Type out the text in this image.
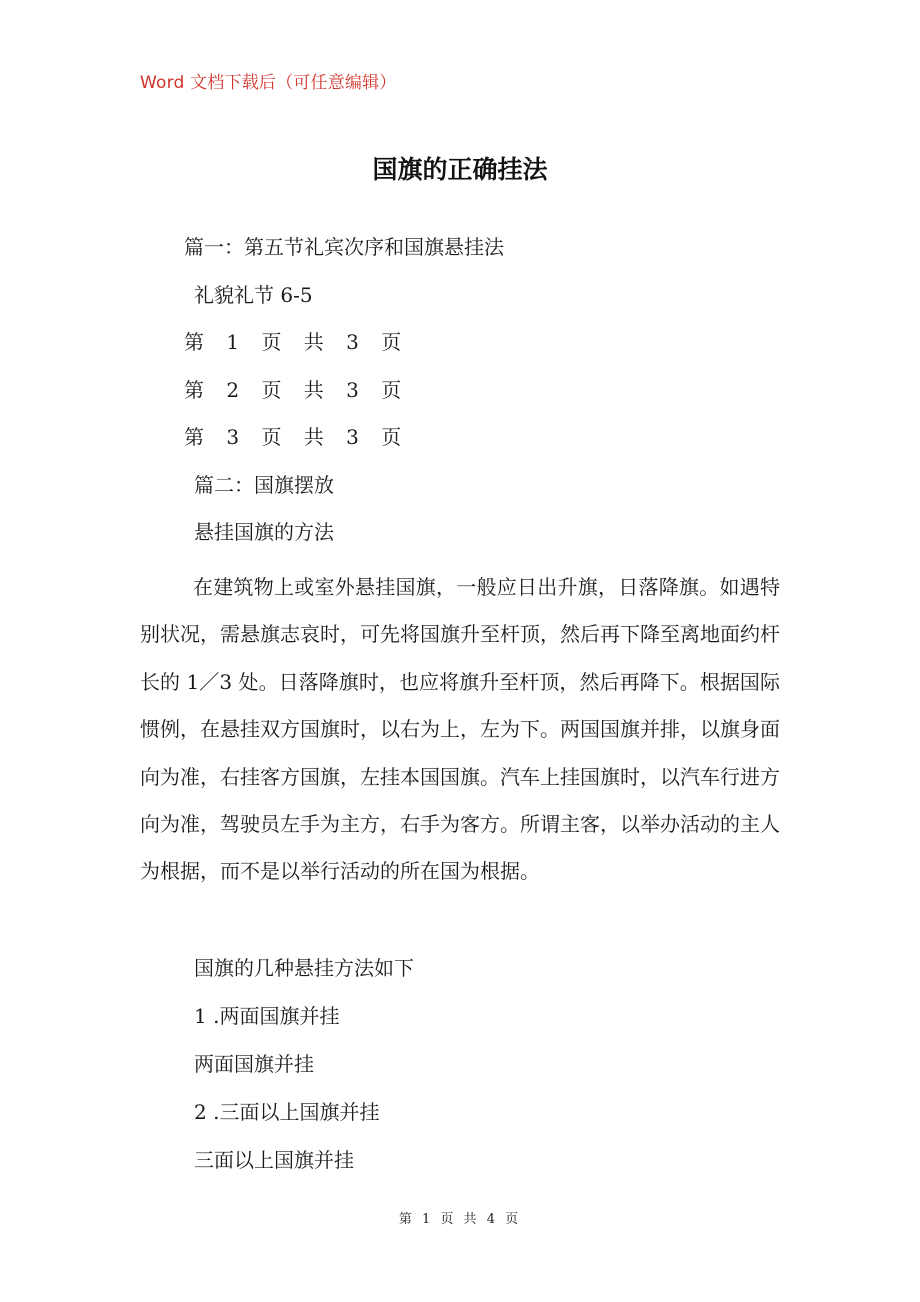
Word 文档下载后（可任意编辑）
国旗的正确挂法
篇一：第五节礼宾次序和国旗悬挂法
礼貌礼节 6-5
第 1 页 共 3 页
第 2 页 共 3 页
第 3 页 共 3 页
篇二：国旗摆放
悬挂国旗的方法
在建筑物上或室外悬挂国旗，一般应日出升旗，日落降旗。如遇特别状况，需悬旗志哀时，可先将国旗升至杆顶，然后再下降至离地面约杆长的 1／3 处。日落降旗时，也应将旗升至杆顶，然后再降下。根据国际惯例，在悬挂双方国旗时，以右为上，左为下。两国国旗并排，以旗身面向为准，右挂客方国旗，左挂本国国旗。汽车上挂国旗时，以汽车行进方向为准，驾驶员左手为主方，右手为客方。所谓主客，以举办活动的主人为根据，而不是以举行活动的所在国为根据。
国旗的几种悬挂方法如下
1 .两面国旗并挂
两面国旗并挂
2 .三面以上国旗并挂
三面以上国旗并挂
第 1 页 共 4 页
